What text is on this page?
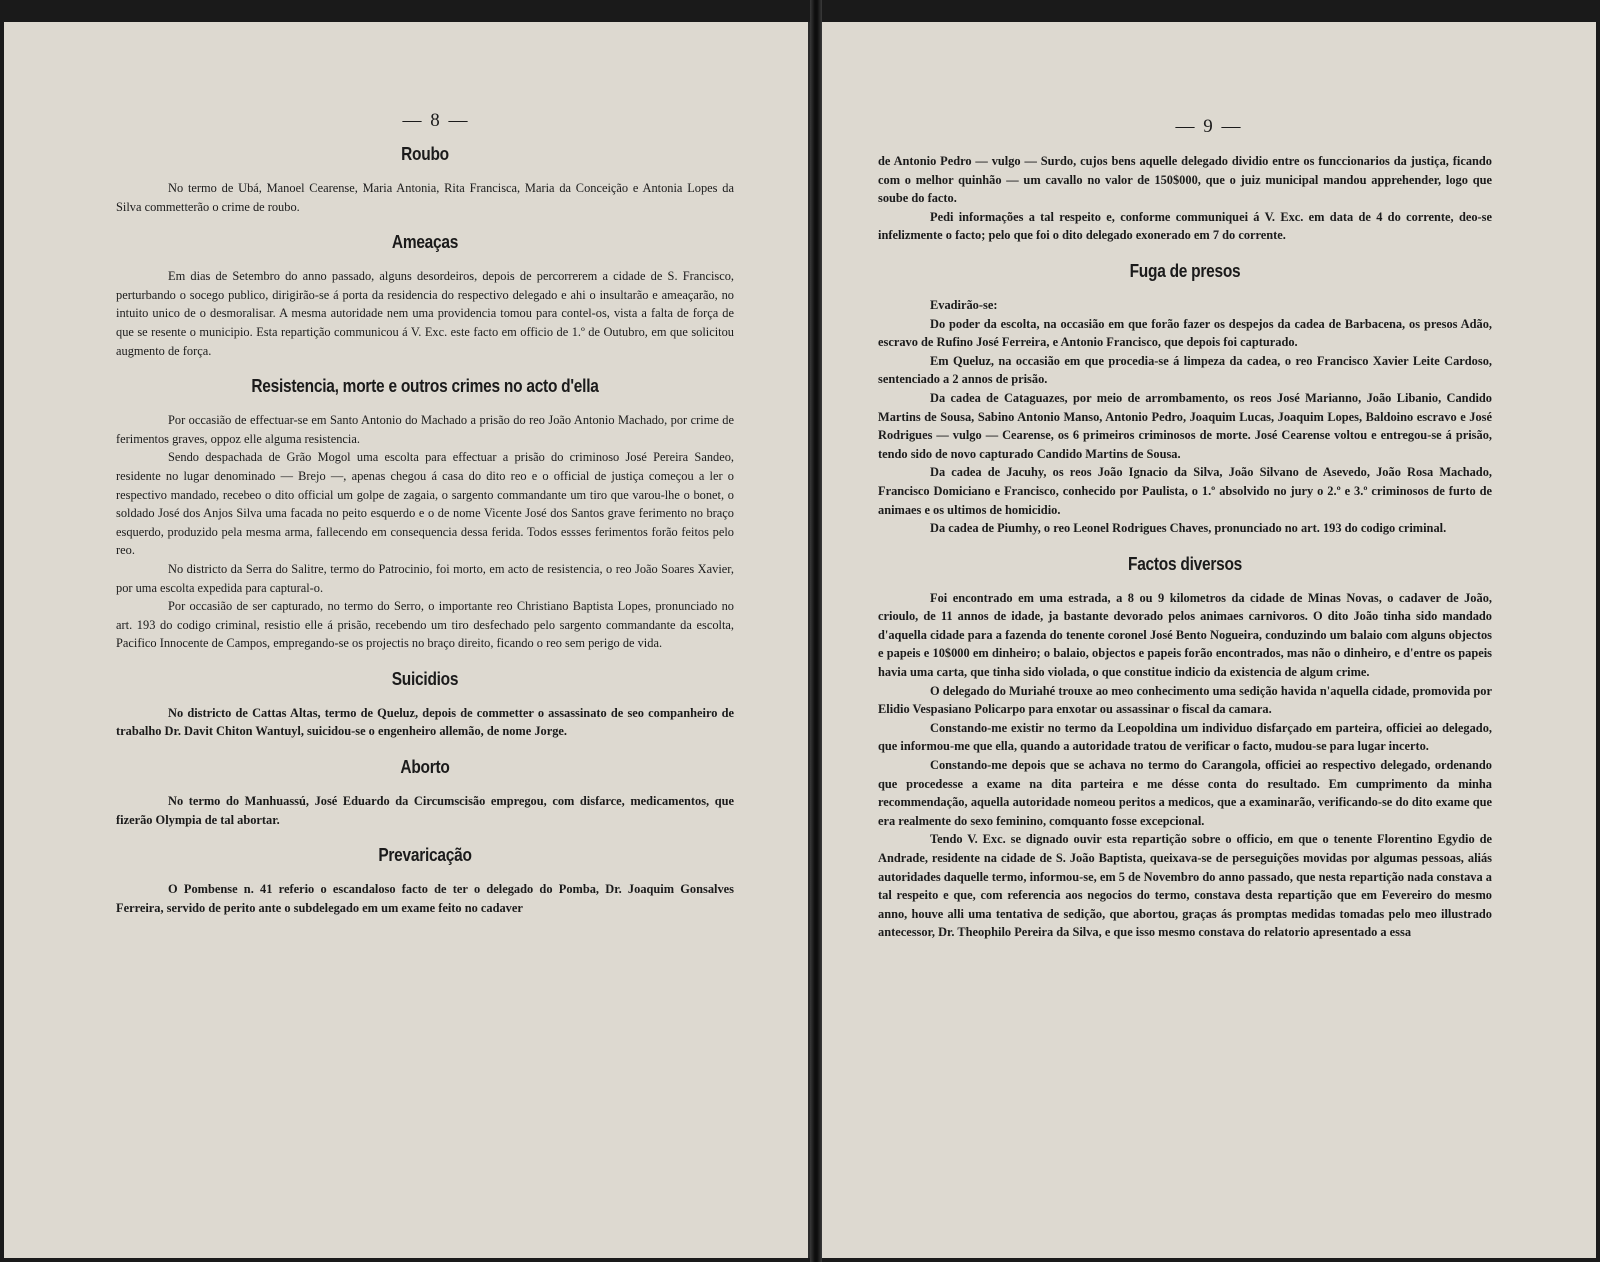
— 8 —
Roubo

No termo de Ubá, Manoel Cearense, Maria Antonia, Rita Francisca, Maria da Conceição e Antonia Lopes da Silva commetterão o crime de roubo.

Ameaças

Em dias de Setembro do anno passado, alguns desordeiros, depois de percorrerem a cidade de S. Francisco, perturbando o socego publico, dirigirão-se á porta da residencia do respectivo delegado e ahi o insultarão e ameaçarão, no intuito unico de o desmoralisar. A mesma autoridade nem uma providencia tomou para contel-os, vista a falta de força de que se resente o municipio. Esta repartição communicou á V. Exc. este facto em officio de 1.º de Outubro, em que solicitou augmento de força.

Resistencia, morte e outros crimes no acto d'ella

Por occasião de effectuar-se em Santo Antonio do Machado a prisão do reo João Antonio Machado, por crime de ferimentos graves, oppoz elle alguma resistencia.

Sendo despachada de Grão Mogol uma escolta para effectuar a prisão do criminoso José Pereira Sandeo, residente no lugar denominado — Brejo —, apenas chegou á casa do dito reo e o official de justiça começou a ler o respectivo mandado, recebeo o dito official um golpe de zagaia, o sargento commandante um tiro que varou-lhe o bonet, o soldado José dos Anjos Silva uma facada no peito esquerdo e o de nome Vicente José dos Santos grave ferimento no braço esquerdo, produzido pela mesma arma, fallecendo em consequencia dessa ferida. Todos essses ferimentos forão feitos pelo reo.

No districto da Serra do Salitre, termo do Patrocinio, foi morto, em acto de resistencia, o reo João Soares Xavier, por uma escolta expedida para captural-o.

Por occasião de ser capturado, no termo do Serro, o importante reo Christiano Baptista Lopes, pronunciado no art. 193 do codigo criminal, resistio elle á prisão, recebendo um tiro desfechado pelo sargento commandante da escolta, Pacifico Innocente de Campos, empregando-se os projectis no braço direito, ficando o reo sem perigo de vida.

Suicidios

No districto de Cattas Altas, termo de Queluz, depois de commetter o assassinato de seo companheiro de trabalho Dr. Davit Chiton Wantuyl, suicidou-se o engenheiro allemão, de nome Jorge.

Aborto

No termo do Manhuassú, José Eduardo da Circumscisão empregou, com disfarce, medicamentos, que fizerão Olympia de tal abortar.

Prevaricação

O Pombense n. 41 referio o escandaloso facto de ter o delegado do Pomba, Dr. Joaquim Gonsalves Ferreira, servido de perito ante o subdelegado em um exame feito no cadaver

— 9 —

de Antonio Pedro — vulgo — Surdo, cujos bens aquelle delegado dividio entre os funccionarios da justiça, ficando com o melhor quinhão — um cavallo no valor de 150$000, que o juiz municipal mandou apprehender, logo que soube do facto.

Pedi informações a tal respeito e, conforme communiquei á V. Exc. em data de 4 do corrente, deo-se infelizmente o facto; pelo que foi o dito delegado exonerado em 7 do corrente.

Fuga de presos

Evadirão-se:

Do poder da escolta, na occasião em que forão fazer os despejos da cadea de Barbacena, os presos Adão, escravo de Rufino José Ferreira, e Antonio Francisco, que depois foi capturado.

Em Queluz, na occasião em que procedia-se á limpeza da cadea, o reo Francisco Xavier Leite Cardoso, sentenciado a 2 annos de prisão.

Da cadea de Cataguazes, por meio de arrombamento, os reos José Marianno, João Libanio, Candido Martins de Sousa, Sabino Antonio Manso, Antonio Pedro, Joaquim Lucas, Joaquim Lopes, Baldoino escravo e José Rodrigues — vulgo — Cearense, os 6 primeiros criminosos de morte. José Cearense voltou e entregou-se á prisão, tendo sido de novo capturado Candido Martins de Sousa.

Da cadea de Jacuhy, os reos João Ignacio da Silva, João Silvano de Asevedo, João Rosa Machado, Francisco Domiciano e Francisco, conhecido por Paulista, o 1.º absolvido no jury o 2.º e 3.º criminosos de furto de animaes e os ultimos de homicidio.

Da cadea de Piumhy, o reo Leonel Rodrigues Chaves, pronunciado no art. 193 do codigo criminal.

Factos diversos

Foi encontrado em uma estrada, a 8 ou 9 kilometros da cidade de Minas Novas, o cadaver de João, crioulo, de 11 annos de idade, ja bastante devorado pelos animaes carnivoros. O dito João tinha sido mandado d'aquella cidade para a fazenda do tenente coronel José Bento Nogueira, conduzindo um balaio com alguns objectos e papeis e 10$000 em dinheiro; o balaio, objectos e papeis forão encontrados, mas não o dinheiro, e d'entre os papeis havia uma carta, que tinha sido violada, o que constitue indicio da existencia de algum crime.

O delegado do Muriahé trouxe ao meo conhecimento uma sedição havida n'aquella cidade, promovida por Elidio Vespasiano Policarpo para enxotar ou assassinar o fiscal da camara.

Constando-me existir no termo da Leopoldina um individuo disfarçado em parteira, officiei ao delegado, que informou-me que ella, quando a autoridade tratou de verificar o facto, mudou-se para lugar incerto.

Constando-me depois que se achava no termo do Carangola, officiei ao respectivo delegado, ordenando que procedesse a exame na dita parteira e me désse conta do resultado. Em cumprimento da minha recommendação, aquella autoridade nomeou peritos a medicos, que a examinarão, verificando-se do dito exame que era realmente do sexo feminino, comquanto fosse excepcional.

Tendo V. Exc. se dignado ouvir esta repartição sobre o officio, em que o tenente Florentino Egydio de Andrade, residente na cidade de S. João Baptista, queixava-se de perseguições movidas por algumas pessoas, aliás autoridades daquelle termo, informou-se, em 5 de Novembro do anno passado, que nesta repartição nada constava a tal respeito e que, com referencia aos negocios do termo, constava desta repartição que em Fevereiro do mesmo anno, houve alli uma tentativa de sedição, que abortou, graças ás promptas medidas tomadas pelo meo illustrado antecessor, Dr. Theophilo Pereira da Silva, e que isso mesmo constava do relatorio apresentado a essa
